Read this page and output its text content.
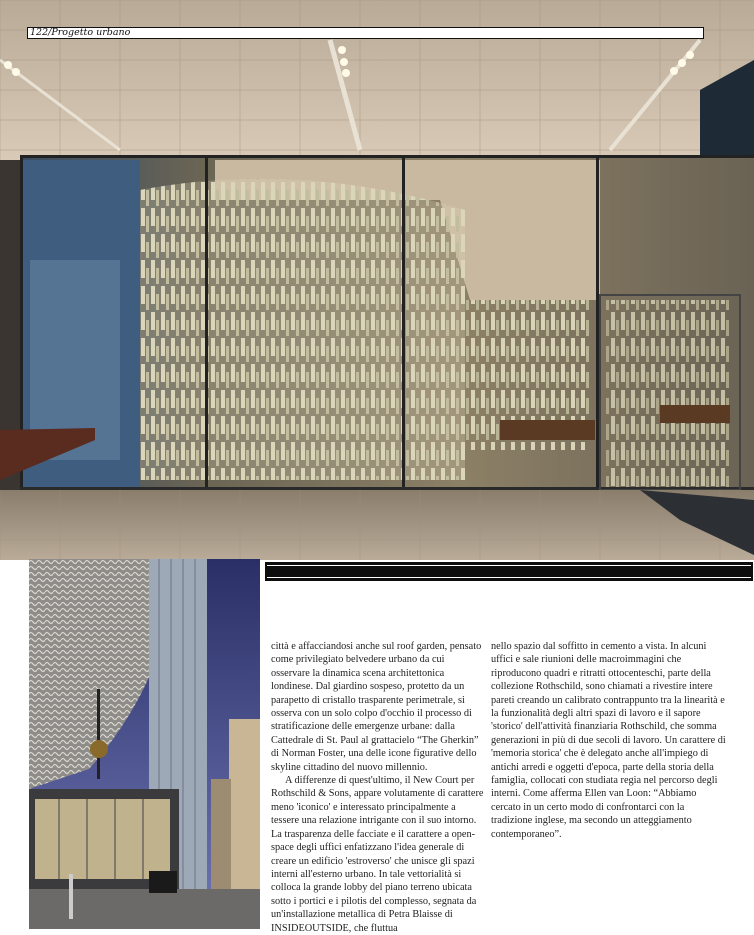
122/Progetto urbano

città e affacciandosi anche sul roof garden, pensato come privilegiato belvedere urbano da cui osservare la dinamica scena architettonica londinese. Dal giardino sospeso, protetto da un parapetto di cristallo trasparente perimetrale, si osserva con un solo colpo d'occhio il processo di stratificazione delle emergenze urbane: dalla Cattedrale di St. Paul al grattacielo “The Gherkin” di Norman Foster, una delle icone figurative dello skyline cittadino del nuovo millennio.

A differenze di quest'ultimo, il New Court per Rothschild & Sons, appare volutamente di carattere meno 'iconico' e interessato principalmente a tessere una relazione intrigante con il suo intorno. La trasparenza delle facciate e il carattere a open-space degli uffici enfatizzano l'idea generale di creare un edificio 'estroverso' che unisce gli spazi interni all'esterno urbano. In tale vettorialità si colloca la grande lobby del piano terreno ubicata sotto i portici e i pilotis del complesso, segnata da un'installazione metallica di Petra Blaisse di INSIDEOUTSIDE, che fluttua

nello spazio dal soffitto in cemento a vista. In alcuni uffici e sale riunioni delle macroimmagini che riproducono quadri e ritratti ottocenteschi, parte della collezione Rothschild, sono chiamati a rivestire intere pareti creando un calibrato contrappunto tra la linearità e la funzionalità degli altri spazi di lavoro e il sapore 'storico' dell'attività finanziaria Rothschild, che somma generazioni in più di due secoli di lavoro. Un carattere di 'memoria storica' che è delegato anche all'impiego di antichi arredi e oggetti d'epoca, parte della storia della famiglia, collocati con studiata regia nel percorso degli interni. Come afferma Ellen van Loon: “Abbiamo cercato in un certo modo di confrontarci con la tradizione inglese, ma secondo un atteggiamento contemporaneo”.
